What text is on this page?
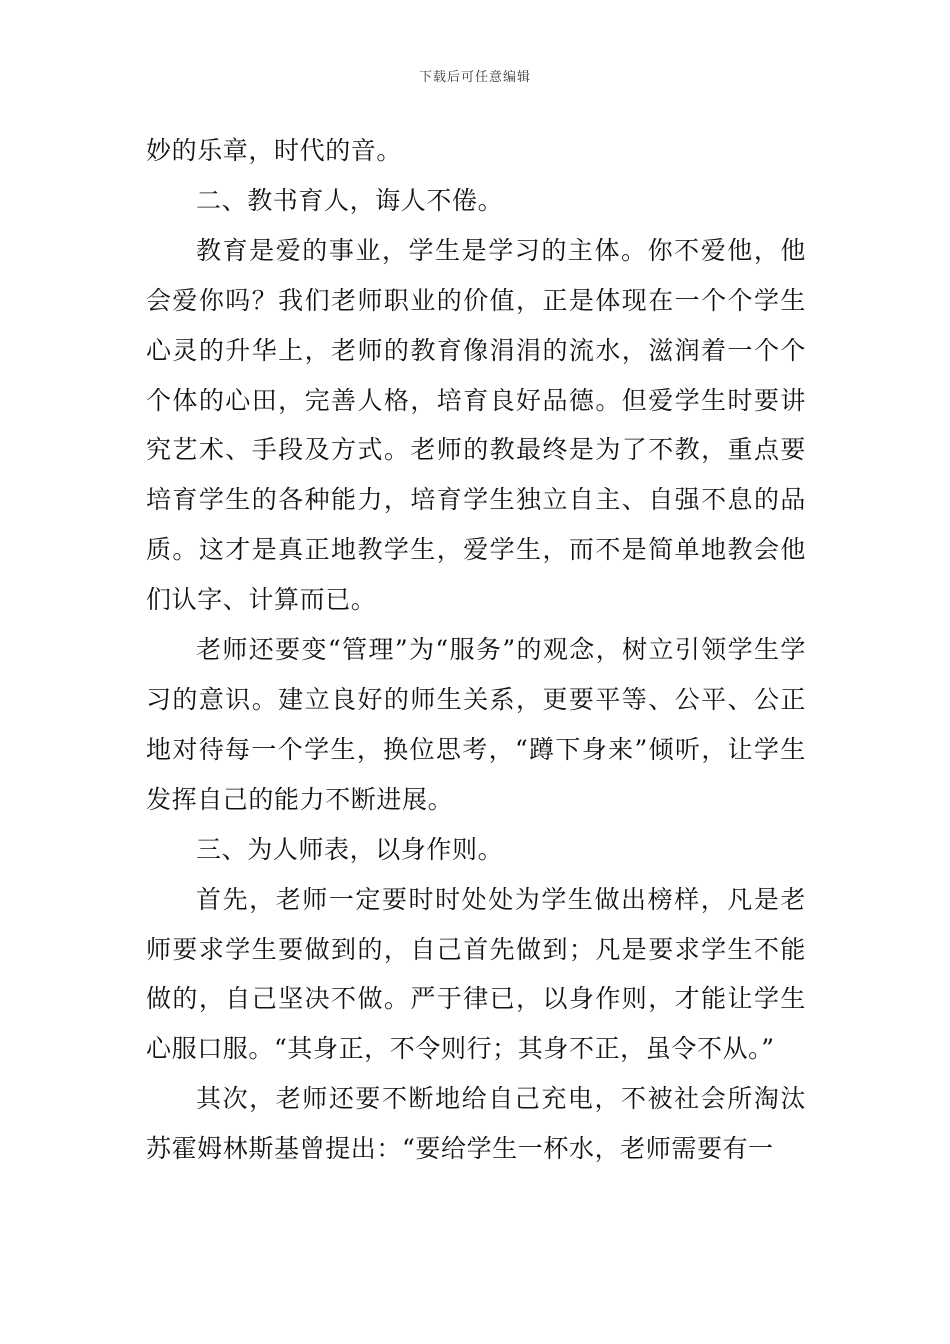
下载后可任意编辑

妙的乐章，时代的音。

二、教书育人，诲人不倦。

教育是爱的事业，学生是学习的主体。你不爱他，他会爱你吗？我们老师职业的价值，正是体现在一个个学生心灵的升华上，老师的教育像涓涓的流水，滋润着一个个个体的心田，完善人格，培育良好品德。但爱学生时要讲究艺术、手段及方式。老师的教最终是为了不教，重点要培育学生的各种能力，培育学生独立自主、自强不息的品质。这才是真正地教学生，爱学生，而不是简单地教会他们认字、计算而已。

老师还要变“管理”为“服务”的观念，树立引领学生学习的意识。建立良好的师生关系，更要平等、公平、公正地对待每一个学生，换位思考，“蹲下身来”倾听，让学生发挥自己的能力不断进展。

三、为人师表，以身作则。

首先，老师一定要时时处处为学生做出榜样，凡是老师要求学生要做到的，自己首先做到；凡是要求学生不能做的，自己坚决不做。严于律已，以身作则，才能让学生心服口服。“其身正，不令则行；其身不正，虽令不从。”

其次，老师还要不断地给自己充电，不被社会所淘汰苏霍姆林斯基曾提出：“要给学生一杯水，老师需要有一
